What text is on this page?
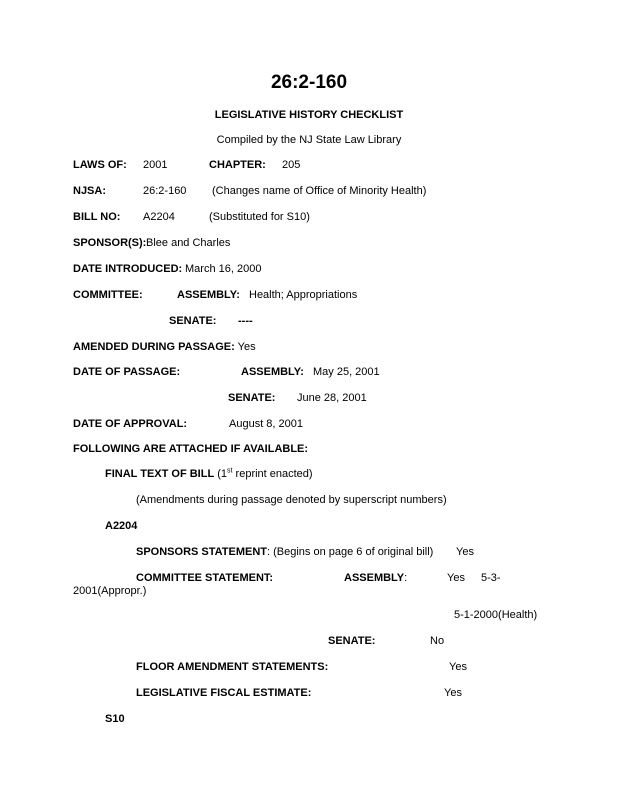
26:2-160
LEGISLATIVE HISTORY CHECKLIST
Compiled by the NJ State Law Library
LAWS OF: 2001	CHAPTER: 205
NJSA:	26:2-160 (Changes name of Office of Minority Health)
BILL NO: A2204	(Substituted for S10)
SPONSOR(S): Blee and Charles
DATE INTRODUCED: March 16, 2000
COMMITTEE:	ASSEMBLY: Health; Appropriations
SENATE: ----
AMENDED DURING PASSAGE: Yes
DATE OF PASSAGE:	ASSEMBLY: May 25, 2001
SENATE: June 28, 2001
DATE OF APPROVAL:	August 8, 2001
FOLLOWING ARE ATTACHED IF AVAILABLE:
FINAL TEXT OF BILL (1st reprint enacted)
(Amendments during passage denoted by superscript numbers)
A2204
SPONSORS STATEMENT: (Begins on page 6 of original bill) Yes
COMMITTEE STATEMENT:	ASSEMBLY:	Yes 5-3-
2001(Appropr.)
5-1-2000(Health)
SENATE:	No
FLOOR AMENDMENT STATEMENTS:	Yes
LEGISLATIVE FISCAL ESTIMATE:	Yes
S10
